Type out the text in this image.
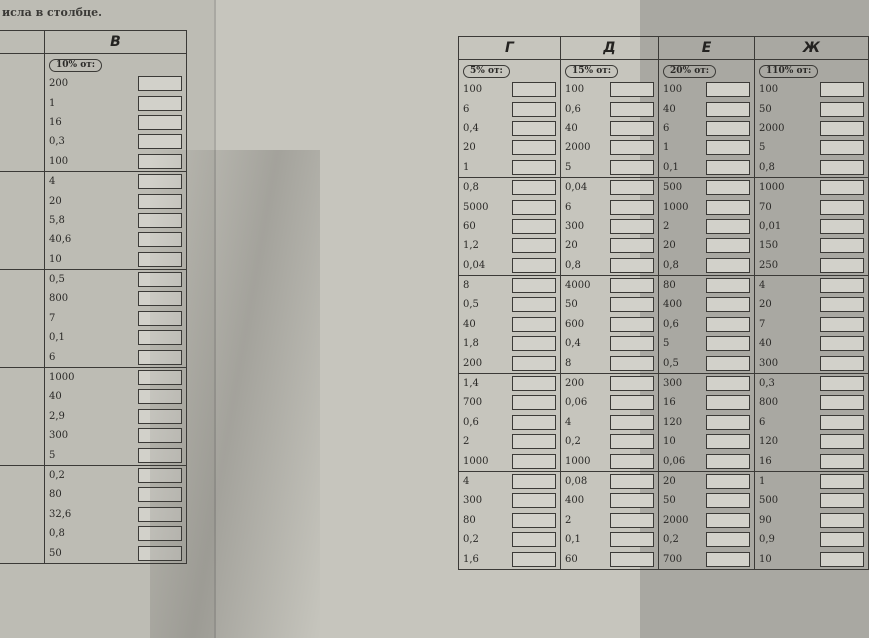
исла в столбце.
	В
	10% от:

	200

	1

	16

	0,3

	100

	4

	20

	5,8

	40,6

	10

	0,5

	800

	7

	0,1

	6

	1000

	40

	2,9

	300

	5

	0,2

	80

	32,6

	0,8

	50
Г	Д	Е	Ж
5% от:	15% от:	20% от:	110% от:

100	100	100	100

6	0,6	40	50

0,4	40	6	2000

20	2000	1	5

1	5	0,1	0,8

0,8	0,04	500	1000

5000	6	1000	70

60	300	2	0,01

1,2	20	20	150

0,04	0,8	0,8	250

8	4000	80	4

0,5	50	400	20

40	600	0,6	7

1,8	0,4	5	40

200	8	0,5	300

1,4	200	300	0,3

700	0,06	16	800

0,6	4	120	6

2	0,2	10	120

1000	1000	0,06	16

4	0,08	20	1

300	400	50	500

80	2	2000	90

0,2	0,1	0,2	0,9

1,6	60	700	10
